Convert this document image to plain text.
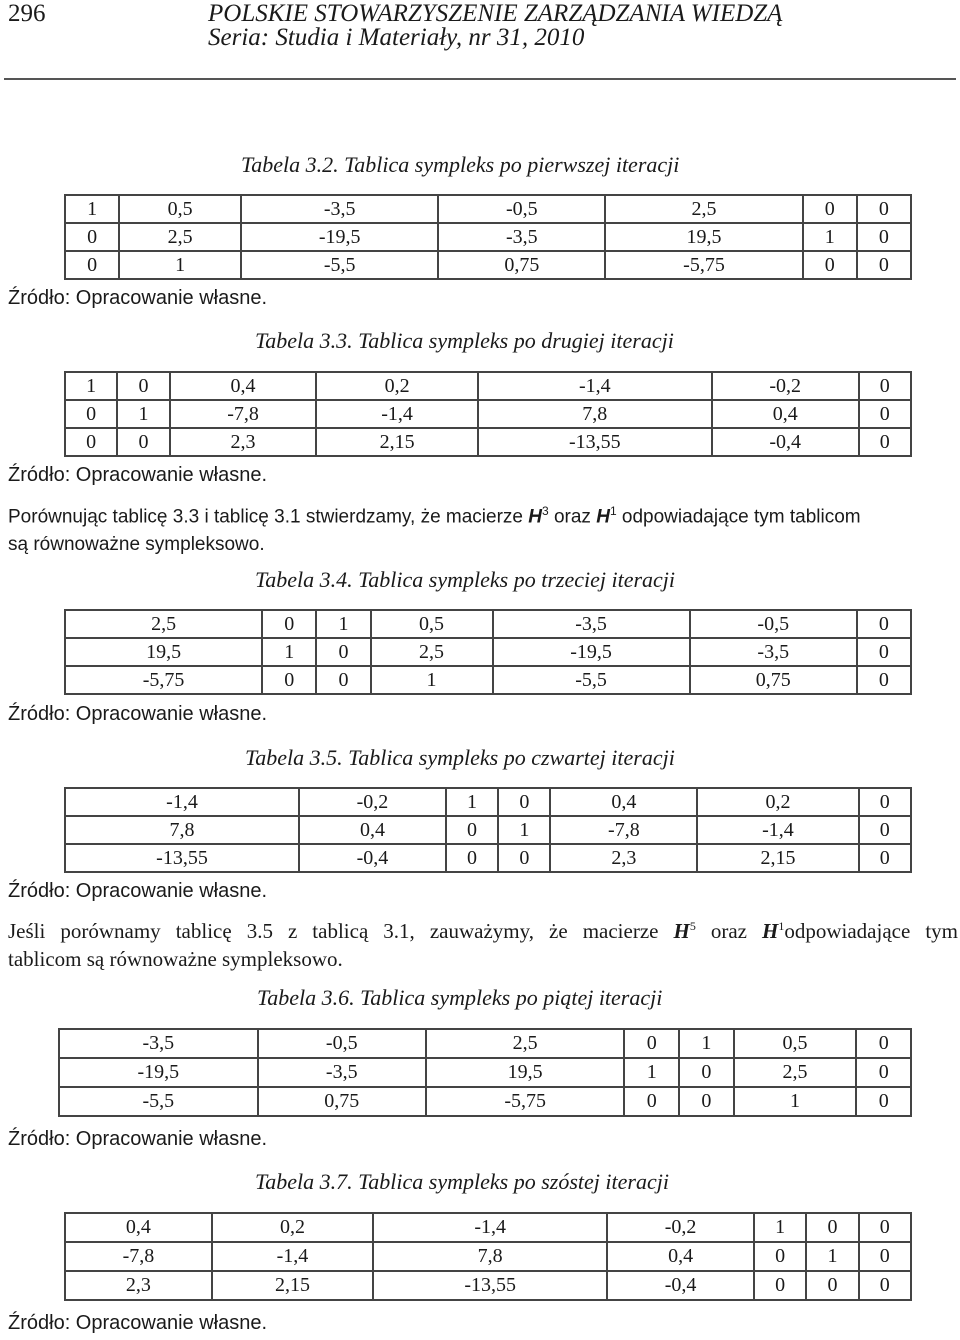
296	POLSKIE STOWARZYSZENIE ZARZĄDZANIA WIEDZĄ
Seria: Studia i Materiały, nr 31, 2010
Tabela 3.2. Tablica sympleks po pierwszej iteracji
1	0,5	-3,5	-0,5	2,5	0	0
0	2,5	-19,5	-3,5	19,5	1	0
0	1	-5,5	0,75	-5,75	0	0
Źródło: Opracowanie własne.
Tabela 3.3. Tablica sympleks po drugiej iteracji
1	0	0,4	0,2	-1,4	-0,2	0
0	1	-7,8	-1,4	7,8	0,4	0
0	0	2,3	2,15	-13,55	-0,4	0
Źródło: Opracowanie własne.
Porównując tablicę 3.3 i tablicę 3.1 stwierdzamy, że macierze $H^3$ oraz $H^1$ odpowiadające tym tablicom
są równoważne sympleksowo.
Tabela 3.4. Tablica sympleks po trzeciej iteracji
2,5	0	1	0,5	-3,5	-0,5	0
19,5	1	0	2,5	-19,5	-3,5	0
-5,75	0	0	1	-5,5	0,75	0
Źródło: Opracowanie własne.
Tabela 3.5. Tablica sympleks po czwartej iteracji
-1,4	-0,2	1	0	0,4	0,2	0
7,8	0,4	0	1	-7,8	-1,4	0
-13,55	-0,4	0	0	2,3	2,15	0
Źródło: Opracowanie własne.
Jeśli porównamy tablicę 3.5 z tablicą 3.1, zauważymy, że macierze $H^5$ oraz $H^1odpowiadające$ tym
tablicom są równoważne sympleksowo.
Tabela 3.6. Tablica sympleks po piątej iteracji
-3,5	-0,5	2,5	0	1	0,5	0
-19,5	-3,5	19,5	1	0	2,5	0
-5,5	0,75	-5,75	0	0	1	0
Źródło: Opracowanie własne.
Tabela 3.7. Tablica sympleks po szóstej iteracji
0,4	0,2	-1,4	-0,2	1	0	0
-7,8	-1,4	7,8	0,4	0	1	0
2,3	2,15	-13,55	-0,4	0	0	0
Źródło: Opracowanie własne.
